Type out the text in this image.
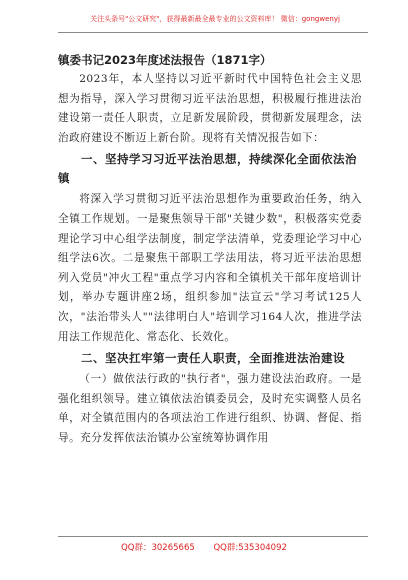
关注头条号"公文研究"，获得最新最全最专业的公文资料库！ 微信：gongwenyj
镇委书记2023年度述法报告（1871字）

2023年，本人坚持以习近平新时代中国特色社会主义思想为指导，深入学习贯彻习近平法治思想，积极履行推进法治建设第一责任人职责，立足新发展阶段，贯彻新发展理念，法治政府建设不断迈上新台阶。现将有关情况报告如下：

一、坚持学习习近平法治思想，持续深化全面依法治镇

将深入学习贯彻习近平法治思想作为重要政治任务，纳入全镇工作规划。一是聚焦领导干部"关键少数"，积极落实党委理论学习中心组学法制度，制定学法清单，党委理论学习中心组学法6次。二是聚焦干部职工学法用法，将习近平法治思想列入党员"冲火工程"重点学习内容和全镇机关干部年度培训计划，举办专题讲座2场，组织参加"法宣云"学习考试125人次，"法治带头人""法律明白人"培训学习164人次，推进学法用法工作规范化、常态化、长效化。

二、坚决扛牢第一责任人职责，全面推进法治建设

（一）做依法行政的"执行者"，强力建设法治政府。一是强化组织领导。建立镇依法治镇委员会，及时充实调整人员名单，对全镇范围内的各项法治工作进行组织、协调、督促、指导。充分发挥依法治镇办公室统筹协调作用

QQ群：30265665 QQ群:535304092
